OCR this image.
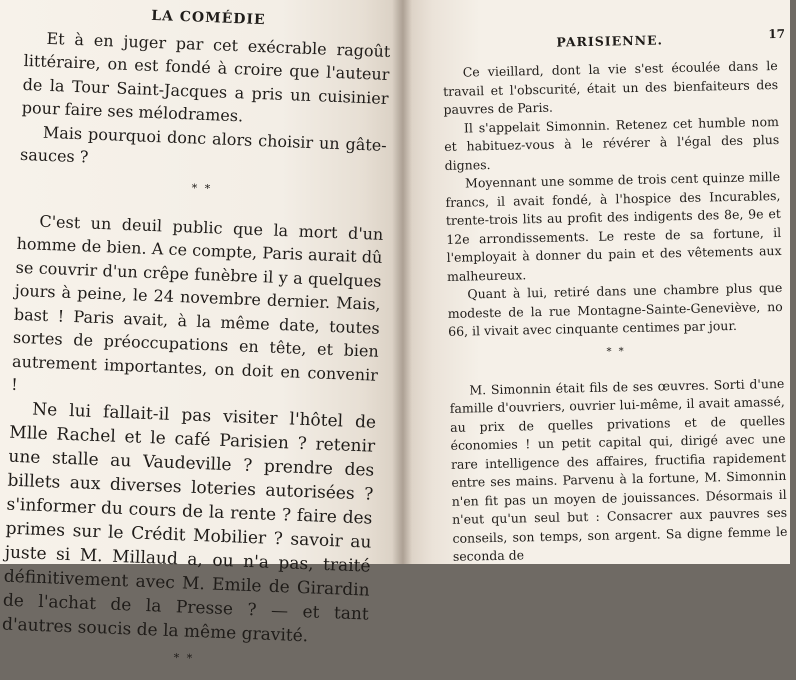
LA COMÉDIE

Et à en juger par cet exécrable ragoût littéraire, on est fondé à croire que l'auteur de la Tour Saint-Jacques a pris un cuisinier pour faire ses mélodrames.

Mais pourquoi donc alors choisir un gâte-sauces ?

* *

C'est un deuil public que la mort d'un homme de bien. A ce compte, Paris aurait dû se couvrir d'un crêpe funèbre il y a quelques jours à peine, le 24 novembre dernier. Mais, bast ! Paris avait, à la même date, toutes sortes de préoccupations en tête, et bien autrement importantes, on doit en convenir !

Ne lui fallait-il pas visiter l'hôtel de Mlle Rachel et le café Parisien ? retenir une stalle au Vaudeville ? prendre des billets aux diverses loteries autorisées ? s'informer du cours de la rente ? faire des primes sur le Crédit Mobilier ? savoir au juste si M. Millaud a, ou n'a pas, traité définitivement avec M. Emile de Girardin de l'achat de la Presse ? — et tant d'autres soucis de la même gravité.

* *
PARISIENNE.	17

Ce vieillard, dont la vie s'est écoulée dans le travail et l'obscurité, était un des bienfaiteurs des pauvres de Paris.

Il s'appelait Simonnin. Retenez cet humble nom et habituez-vous à le révérer à l'égal des plus dignes.

Moyennant une somme de trois cent quinze mille francs, il avait fondé, à l'hospice des Incurables, trente-trois lits au profit des indigents des 8e, 9e et 12e arrondissements. Le reste de sa fortune, il l'employait à donner du pain et des vêtements aux malheureux.

Quant à lui, retiré dans une chambre plus que modeste de la rue Montagne-Sainte-Geneviève, no 66, il vivait avec cinquante centimes par jour.

* *

M. Simonnin était fils de ses œuvres. Sorti d'une famille d'ouvriers, ouvrier lui-même, il avait amassé, au prix de quelles privations et de quelles économies ! un petit capital qui, dirigé avec une rare intelligence des affaires, fructifia rapidement entre ses mains. Parvenu à la fortune, M. Simonnin n'en fit pas un moyen de jouissances. Désormais il n'eut qu'un seul but : Consacrer aux pauvres ses conseils, son temps, son argent. Sa digne femme le seconda de
